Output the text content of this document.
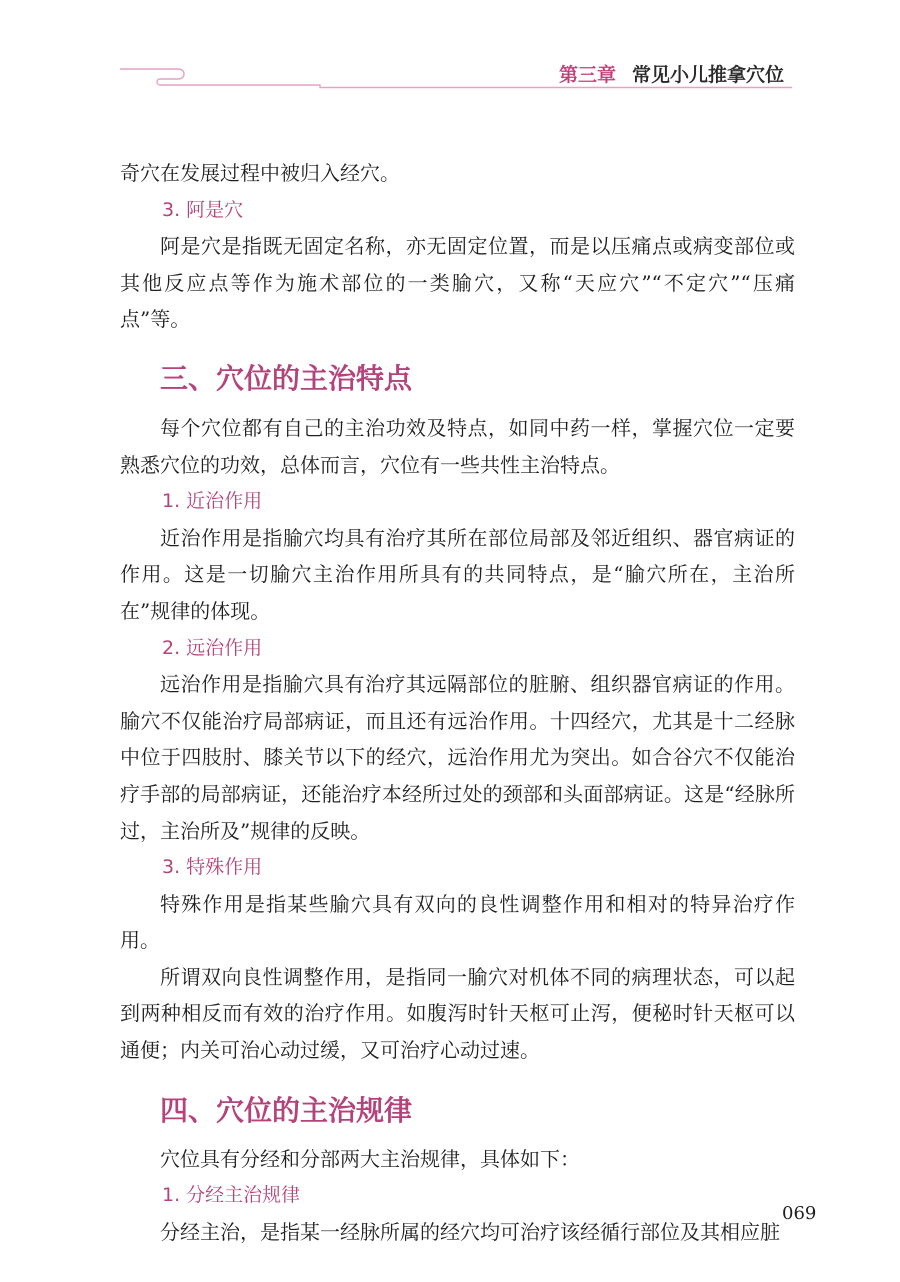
第三章 常见小儿推拿穴位

奇穴在发展过程中被归入经穴。

3. 阿是穴

阿是穴是指既无固定名称，亦无固定位置，而是以压痛点或病变部位或其他反应点等作为施术部位的一类腧穴，又称“天应穴”“不定穴”“压痛点”等。

三、穴位的主治特点

每个穴位都有自己的主治功效及特点，如同中药一样，掌握穴位一定要熟悉穴位的功效，总体而言，穴位有一些共性主治特点。

1. 近治作用

近治作用是指腧穴均具有治疗其所在部位局部及邻近组织、器官病证的作用。这是一切腧穴主治作用所具有的共同特点，是“腧穴所在，主治所在”规律的体现。

2. 远治作用

远治作用是指腧穴具有治疗其远隔部位的脏腑、组织器官病证的作用。腧穴不仅能治疗局部病证，而且还有远治作用。十四经穴，尤其是十二经脉中位于四肢肘、膝关节以下的经穴，远治作用尤为突出。如合谷穴不仅能治疗手部的局部病证，还能治疗本经所过处的颈部和头面部病证。这是“经脉所过，主治所及”规律的反映。

3. 特殊作用

特殊作用是指某些腧穴具有双向的良性调整作用和相对的特异治疗作用。

所谓双向良性调整作用，是指同一腧穴对机体不同的病理状态，可以起到两种相反而有效的治疗作用。如腹泻时针天枢可止泻，便秘时针天枢可以通便；内关可治心动过缓，又可治疗心动过速。

四、穴位的主治规律

穴位具有分经和分部两大主治规律，具体如下：

1. 分经主治规律

分经主治，是指某一经脉所属的经穴均可治疗该经循行部位及其相应脏

069
